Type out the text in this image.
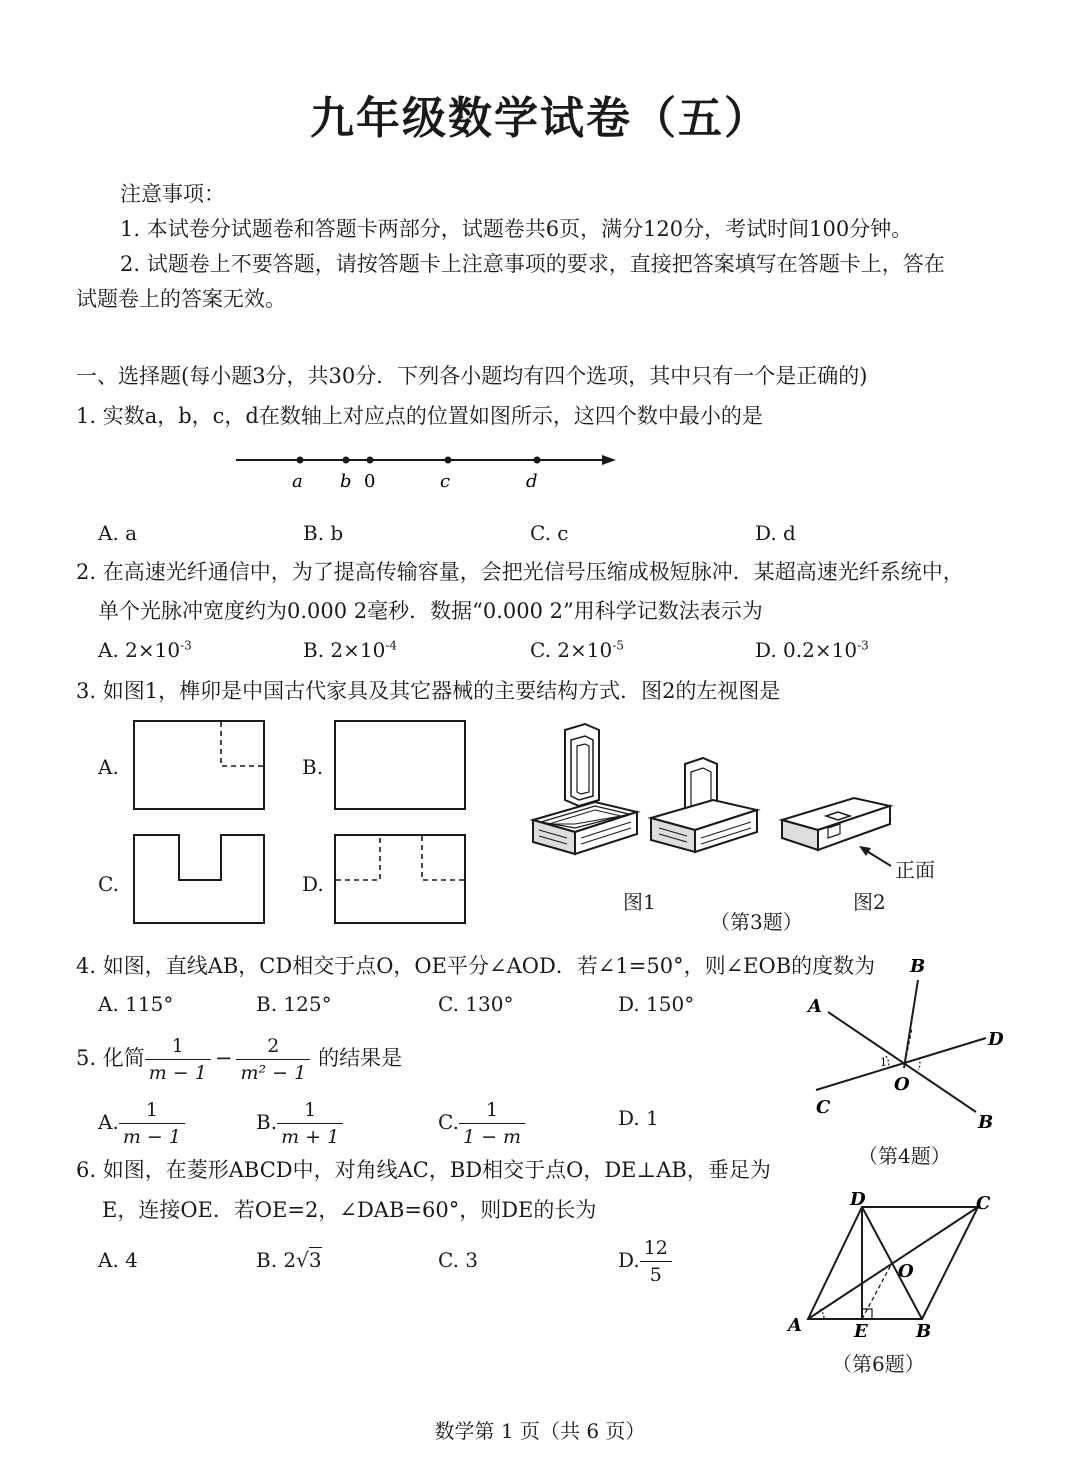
九年级数学试卷（五）
注意事项：
1. 本试卷分试题卷和答题卡两部分，试题卷共6页，满分120分，考试时间100分钟。
2. 试题卷上不要答题，请按答题卡上注意事项的要求，直接把答案填写在答题卡上，答在
试题卷上的答案无效。
一、选择题(每小题3分，共30分．下列各小题均有四个选项，其中只有一个是正确的)
1. 实数a，b，c，d在数轴上对应点的位置如图所示，这四个数中最小的是
a b 0	c	d
A. a	B. b	C. c	D. d
2. 在高速光纤通信中，为了提高传输容量，会把光信号压缩成极短脉冲．某超高速光纤系统中，
单个光脉冲宽度约为0.000 2毫秒．数据“0.000 2”用科学记数法表示为
A. $2\times 10^{-3}$	B. $2\times 10^{-4}$	C. $2\times 10^{-5}$	D. $0.2\times 10^{-3}$
3. 如图1，榫卯是中国古代家具及其它器械的主要结构方式．图2的左视图是
A.	B.
C.	D.
图1
正面
图2
（第3题）
4. 如图，直线AB，CD相交于点O，OE平分∠AOD．若∠1=50°，则∠EOB的度数为
A. 115°	B. 125°	C. 130°	D. 150°
B
A
D
O
1
C
B
（第4题）
5. 化简 $\frac{1}{m - 1} - \frac{2}{\text{m² − 1}}$ 的结果是
A. $\frac{1}{m - 1}$	B. $\frac{1}{m + 1}$	C. $\frac{1}{1 - m}$	D. 1
6. 如图，在菱形ABCD中，对角线AC，BD相交于点O，DE⊥AB，垂足为
E，连接OE．若OE=2，∠DAB=60°，则DE的长为
A. 4	B. 2√3	C. 3	D. $\frac{12}{5}$
D	C
O
A	E	B
（第6题）
数学第 1 页（共 6 页）
